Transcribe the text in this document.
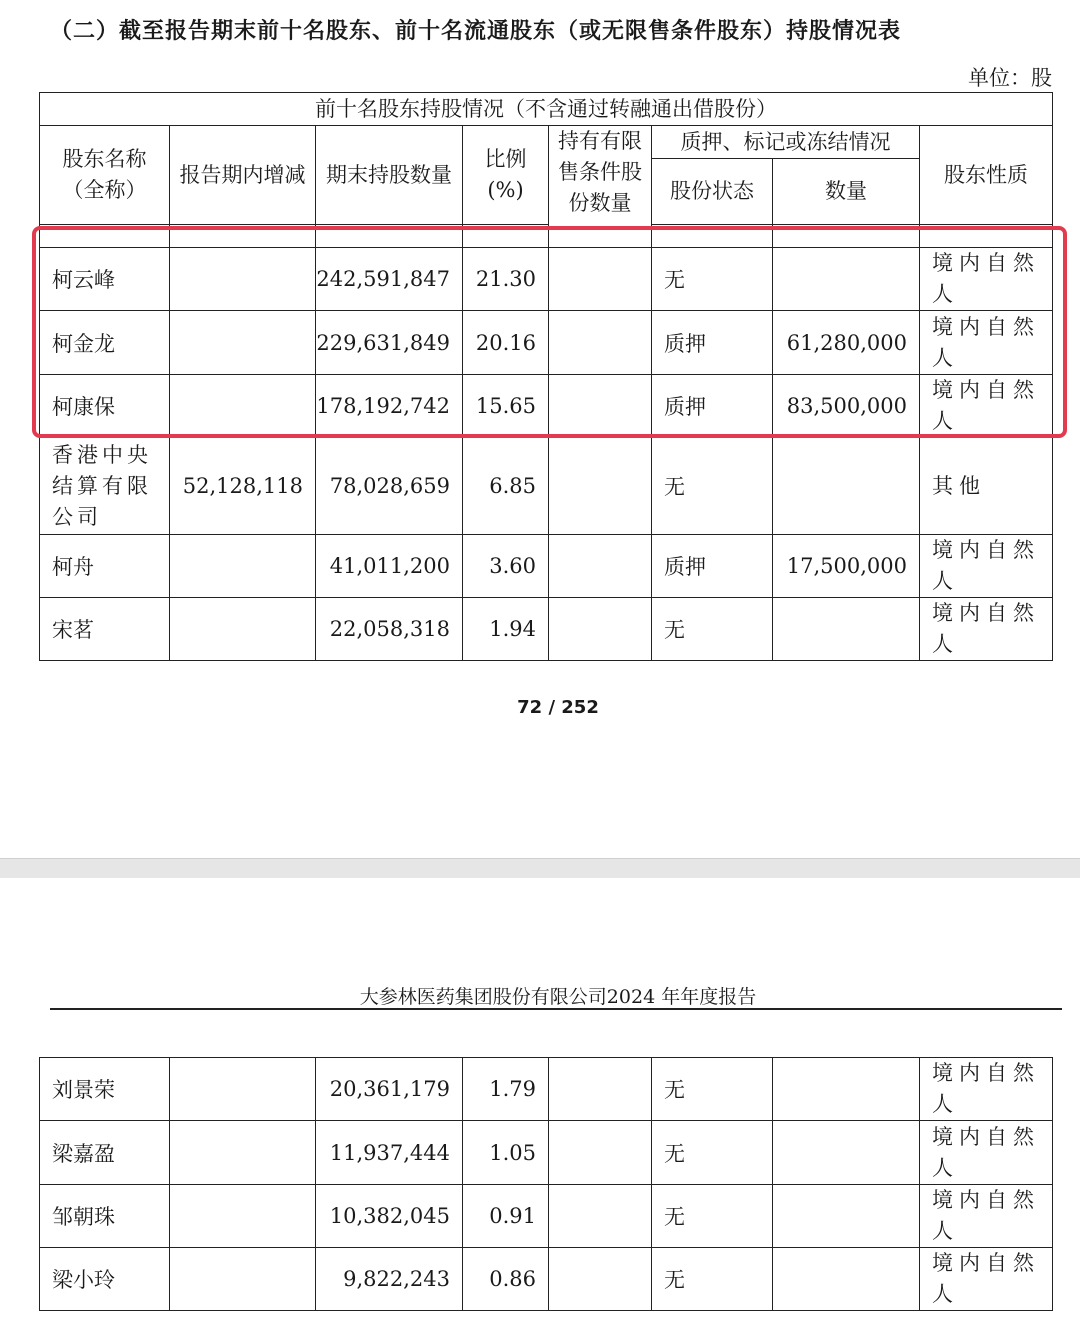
（二）截至报告期末前十名股东、前十名流通股东（或无限售条件股东）持股情况表
单位：股
前十名股东持股情况（不含通过转融通出借股份）							
股东名称（全称）	报告期内增减	期末持股数量	比例(%)	持有有限售条件股份数量	质押、标记或冻结情况		股东性质
					股份状态	数量	

柯云峰		242,591,847	21.30		无		境内自然人
柯金龙		229,631,849	20.16		质押	61,280,000	境内自然人
柯康保		178,192,742	15.65		质押	83,500,000	境内自然人
香港中央结算有限公司	52,128,118	78,028,659	6.85		无		其他
柯舟		41,011,200	3.60		质押	17,500,000	境内自然人
宋茗		22,058,318	1.94		无		境内自然人
72 / 252
大参林医药集团股份有限公司2024 年年度报告
刘景荣		20,361,179	1.79		无		境内自然人
梁嘉盈		11,937,444	1.05		无		境内自然人
邹朝珠		10,382,045	0.91		无		境内自然人
梁小玲		9,822,243	0.86		无		境内自然人
